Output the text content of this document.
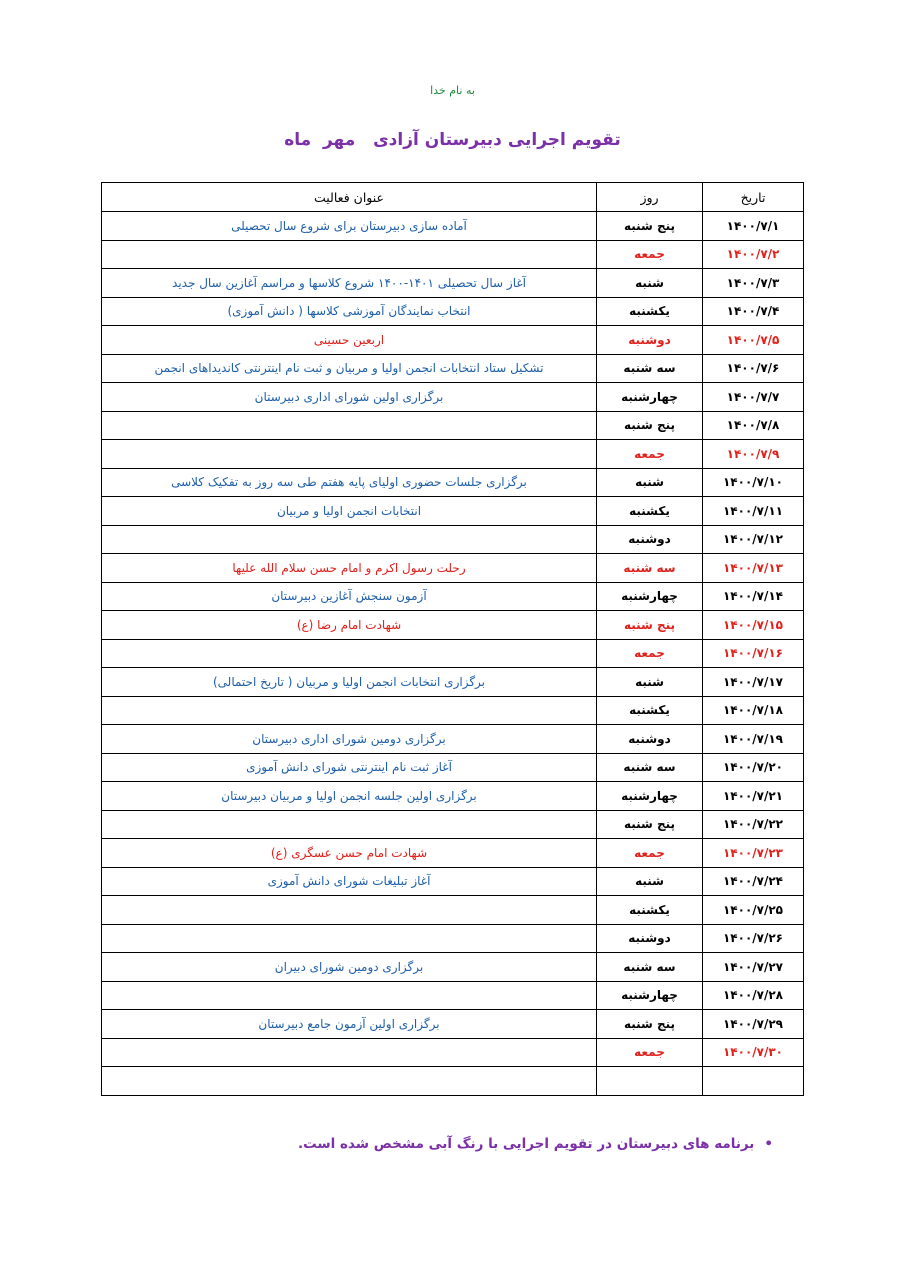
به نام خدا
تقویم اجرایی دبیرستان آزادی   مهر  ماه
تاریخ	روز	عنوان فعالیت
۱۴۰۰/۷/۱	پنج شنبه	آماده سازی دبیرستان برای شروع سال تحصیلی
۱۴۰۰/۷/۲	جمعه	
۱۴۰۰/۷/۳	شنبه	آغاز سال تحصیلی ۱۴۰۱-۱۴۰۰ شروع کلاسها و مراسم آغازین سال جدید
۱۴۰۰/۷/۴	یکشنبه	انتخاب نمایندگان آموزشی کلاسها ( دانش آموزی)
۱۴۰۰/۷/۵	دوشنبه	اربعین حسینی
۱۴۰۰/۷/۶	سه شنبه	تشکیل ستاد انتخابات انجمن اولیا و مربیان و ثبت نام اینترنتی کاندیداهای انجمن
۱۴۰۰/۷/۷	چهارشنبه	برگزاری اولین شورای اداری دبیرستان
۱۴۰۰/۷/۸	پنج شنبه	
۱۴۰۰/۷/۹	جمعه	
۱۴۰۰/۷/۱۰	شنبه	برگزاری جلسات حضوری اولیای پایه هفتم طی سه روز به تفکیک کلاسی
۱۴۰۰/۷/۱۱	یکشنبه	انتخابات انجمن اولیا و مربیان
۱۴۰۰/۷/۱۲	دوشنبه	
۱۴۰۰/۷/۱۳	سه شنبه	رحلت رسول اکرم و امام حسن سلام الله علیها
۱۴۰۰/۷/۱۴	چهارشنبه	آزمون سنجش آغازین دبیرستان
۱۴۰۰/۷/۱۵	پنج شنبه	شهادت امام رضا (ع)
۱۴۰۰/۷/۱۶	جمعه	
۱۴۰۰/۷/۱۷	شنبه	برگزاری انتخابات انجمن اولیا و مربیان ( تاریخ احتمالی)
۱۴۰۰/۷/۱۸	یکشنبه	
۱۴۰۰/۷/۱۹	دوشنبه	برگزاری دومین شورای اداری دبیرستان
۱۴۰۰/۷/۲۰	سه شنبه	آغاز ثبت نام اینترنتی شورای دانش آموزی
۱۴۰۰/۷/۲۱	چهارشنبه	برگزاری اولین جلسه انجمن اولیا و مربیان دبیرستان
۱۴۰۰/۷/۲۲	پنج شنبه	
۱۴۰۰/۷/۲۳	جمعه	شهادت امام حسن عسگری (ع)
۱۴۰۰/۷/۲۴	شنبه	آغاز تبلیغات شورای دانش آموزی
۱۴۰۰/۷/۲۵	یکشنبه	
۱۴۰۰/۷/۲۶	دوشنبه	
۱۴۰۰/۷/۲۷	سه شنبه	برگزاری دومین شورای دبیران
۱۴۰۰/۷/۲۸	چهارشنبه	
۱۴۰۰/۷/۲۹	پنج شنبه	برگزاری اولین آزمون جامع دبیرستان
۱۴۰۰/۷/۳۰	جمعه	

•برنامه های دبیرستان در تقویم اجرایی با رنگ آبی مشخص شده است.
